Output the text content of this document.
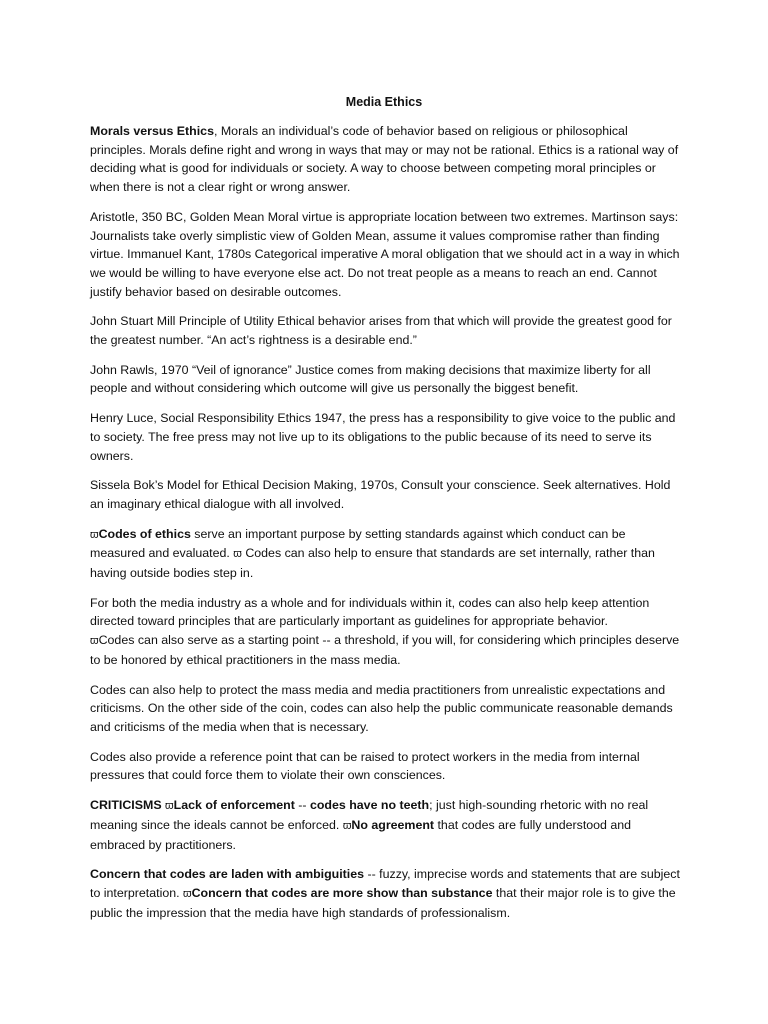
Media Ethics

Morals versus Ethics, Morals an individual’s code of behavior based on religious or philosophical principles. Morals define right and wrong in ways that may or may not be rational. Ethics is a rational way of deciding what is good for individuals or society. A way to choose between competing moral principles or when there is not a clear right or wrong answer.

Aristotle, 350 BC, Golden Mean Moral virtue is appropriate location between two extremes. Martinson says: Journalists take overly simplistic view of Golden Mean, assume it values compromise rather than finding virtue. Immanuel Kant, 1780s Categorical imperative A moral obligation that we should act in a way in which we would be willing to have everyone else act. Do not treat people as a means to reach an end. Cannot justify behavior based on desirable outcomes.

John Stuart Mill Principle of Utility Ethical behavior arises from that which will provide the greatest good for the greatest number. “An act’s rightness is a desirable end.”

John Rawls, 1970 “Veil of ignorance” Justice comes from making decisions that maximize liberty for all people and without considering which outcome will give us personally the biggest benefit.

Henry Luce, Social Responsibility Ethics 1947, the press has a responsibility to give voice to the public and to society. The free press may not live up to its obligations to the public because of its need to serve its owners.

Sissela Bok’s Model for Ethical Decision Making, 1970s, Consult your conscience. Seek alternatives. Hold an imaginary ethical dialogue with all involved.

ϖCodes of ethics serve an important purpose by setting standards against which conduct can be measured and evaluated. ϖ Codes can also help to ensure that standards are set internally, rather than having outside bodies step in.

For both the media industry as a whole and for individuals within it, codes can also help keep attention directed toward principles that are particularly important as guidelines for appropriate behavior.
ϖCodes can also serve as a starting point -- a threshold, if you will, for considering which principles deserve to be honored by ethical practitioners in the mass media.

Codes can also help to protect the mass media and media practitioners from unrealistic expectations and criticisms. On the other side of the coin, codes can also help the public communicate reasonable demands and criticisms of the media when that is necessary.

Codes also provide a reference point that can be raised to protect workers in the media from internal pressures that could force them to violate their own consciences.

CRITICISMS ϖLack of enforcement -- codes have no teeth; just high-sounding rhetoric with no real meaning since the ideals cannot be enforced. ϖNo agreement that codes are fully understood and embraced by practitioners.

Concern that codes are laden with ambiguities -- fuzzy, imprecise words and statements that are subject to interpretation. ϖConcern that codes are more show than substance that their major role is to give the public the impression that the media have high standards of professionalism.
